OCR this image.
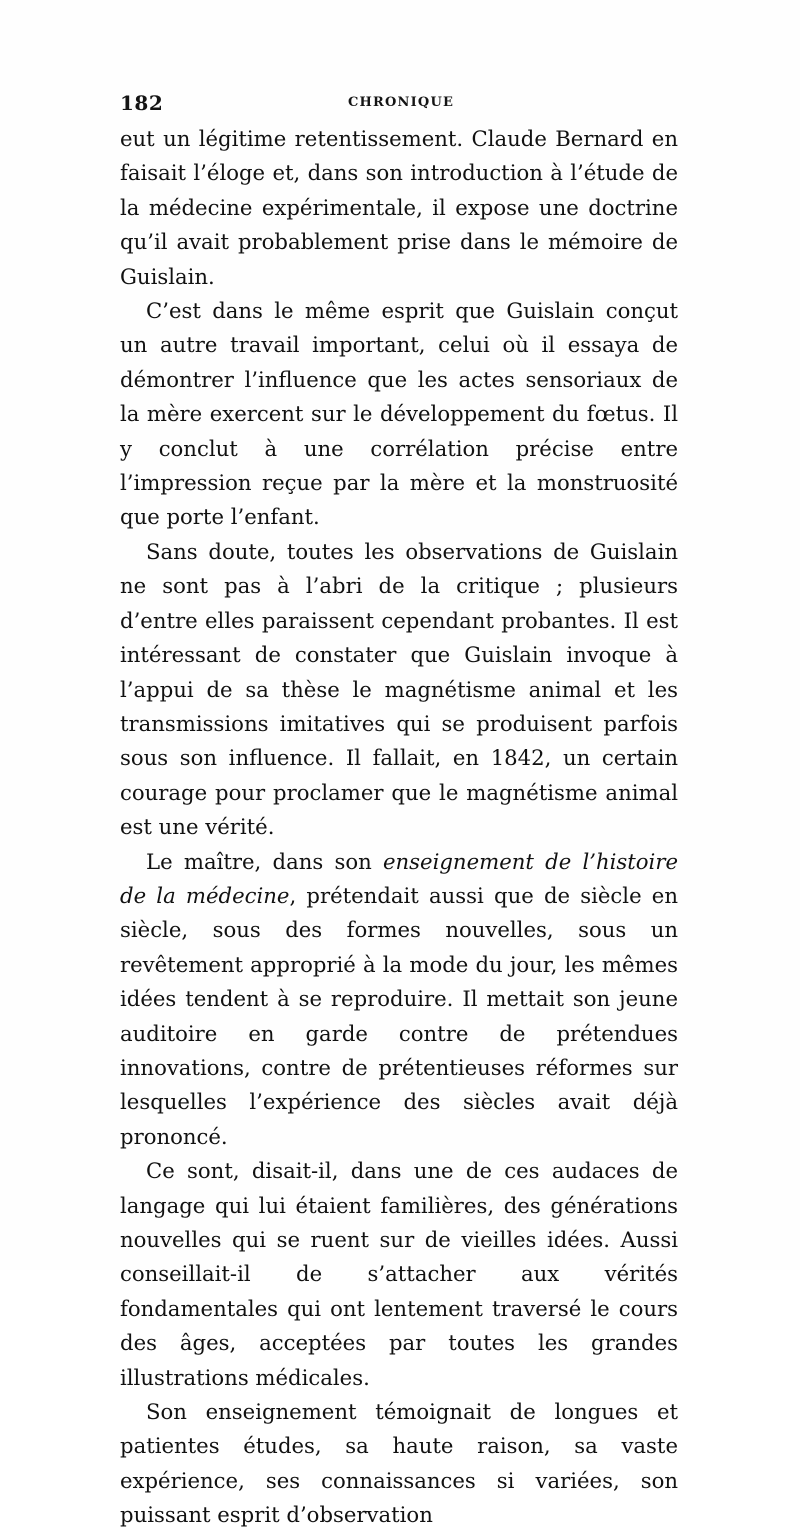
182	CHRONIQUE

eut un légitime retentissement. Claude Bernard en faisait l’éloge et, dans son introduction à l’étude de la médecine expérimentale, il expose une doctrine qu’il avait probablement prise dans le mémoire de Guislain.

C’est dans le même esprit que Guislain conçut un autre travail important, celui où il essaya de démontrer l’influence que les actes sensoriaux de la mère exercent sur le développement du fœtus. Il y conclut à une corrélation précise entre l’impression reçue par la mère et la monstruosité que porte l’enfant.

Sans doute, toutes les observations de Guislain ne sont pas à l’abri de la critique ; plusieurs d’entre elles paraissent cependant probantes. Il est intéressant de constater que Guislain invoque à l’appui de sa thèse le magnétisme animal et les transmissions imitatives qui se produisent parfois sous son influence. Il fallait, en 1842, un certain courage pour proclamer que le magnétisme animal est une vérité.

Le maître, dans son enseignement de l’histoire de la médecine, prétendait aussi que de siècle en siècle, sous des formes nouvelles, sous un revêtement approprié à la mode du jour, les mêmes idées tendent à se reproduire. Il mettait son jeune auditoire en garde contre de prétendues innovations, contre de prétentieuses réformes sur lesquelles l’expérience des siècles avait déjà prononcé.

Ce sont, disait-il, dans une de ces audaces de langage qui lui étaient familières, des générations nouvelles qui se ruent sur de vieilles idées. Aussi conseillait-il de s’attacher aux vérités fondamentales qui ont lentement traversé le cours des âges, acceptées par toutes les grandes illustrations médicales.

Son enseignement témoignait de longues et patientes études, sa haute raison, sa vaste expérience, ses connaissances si variées, son puissant esprit d’observation
